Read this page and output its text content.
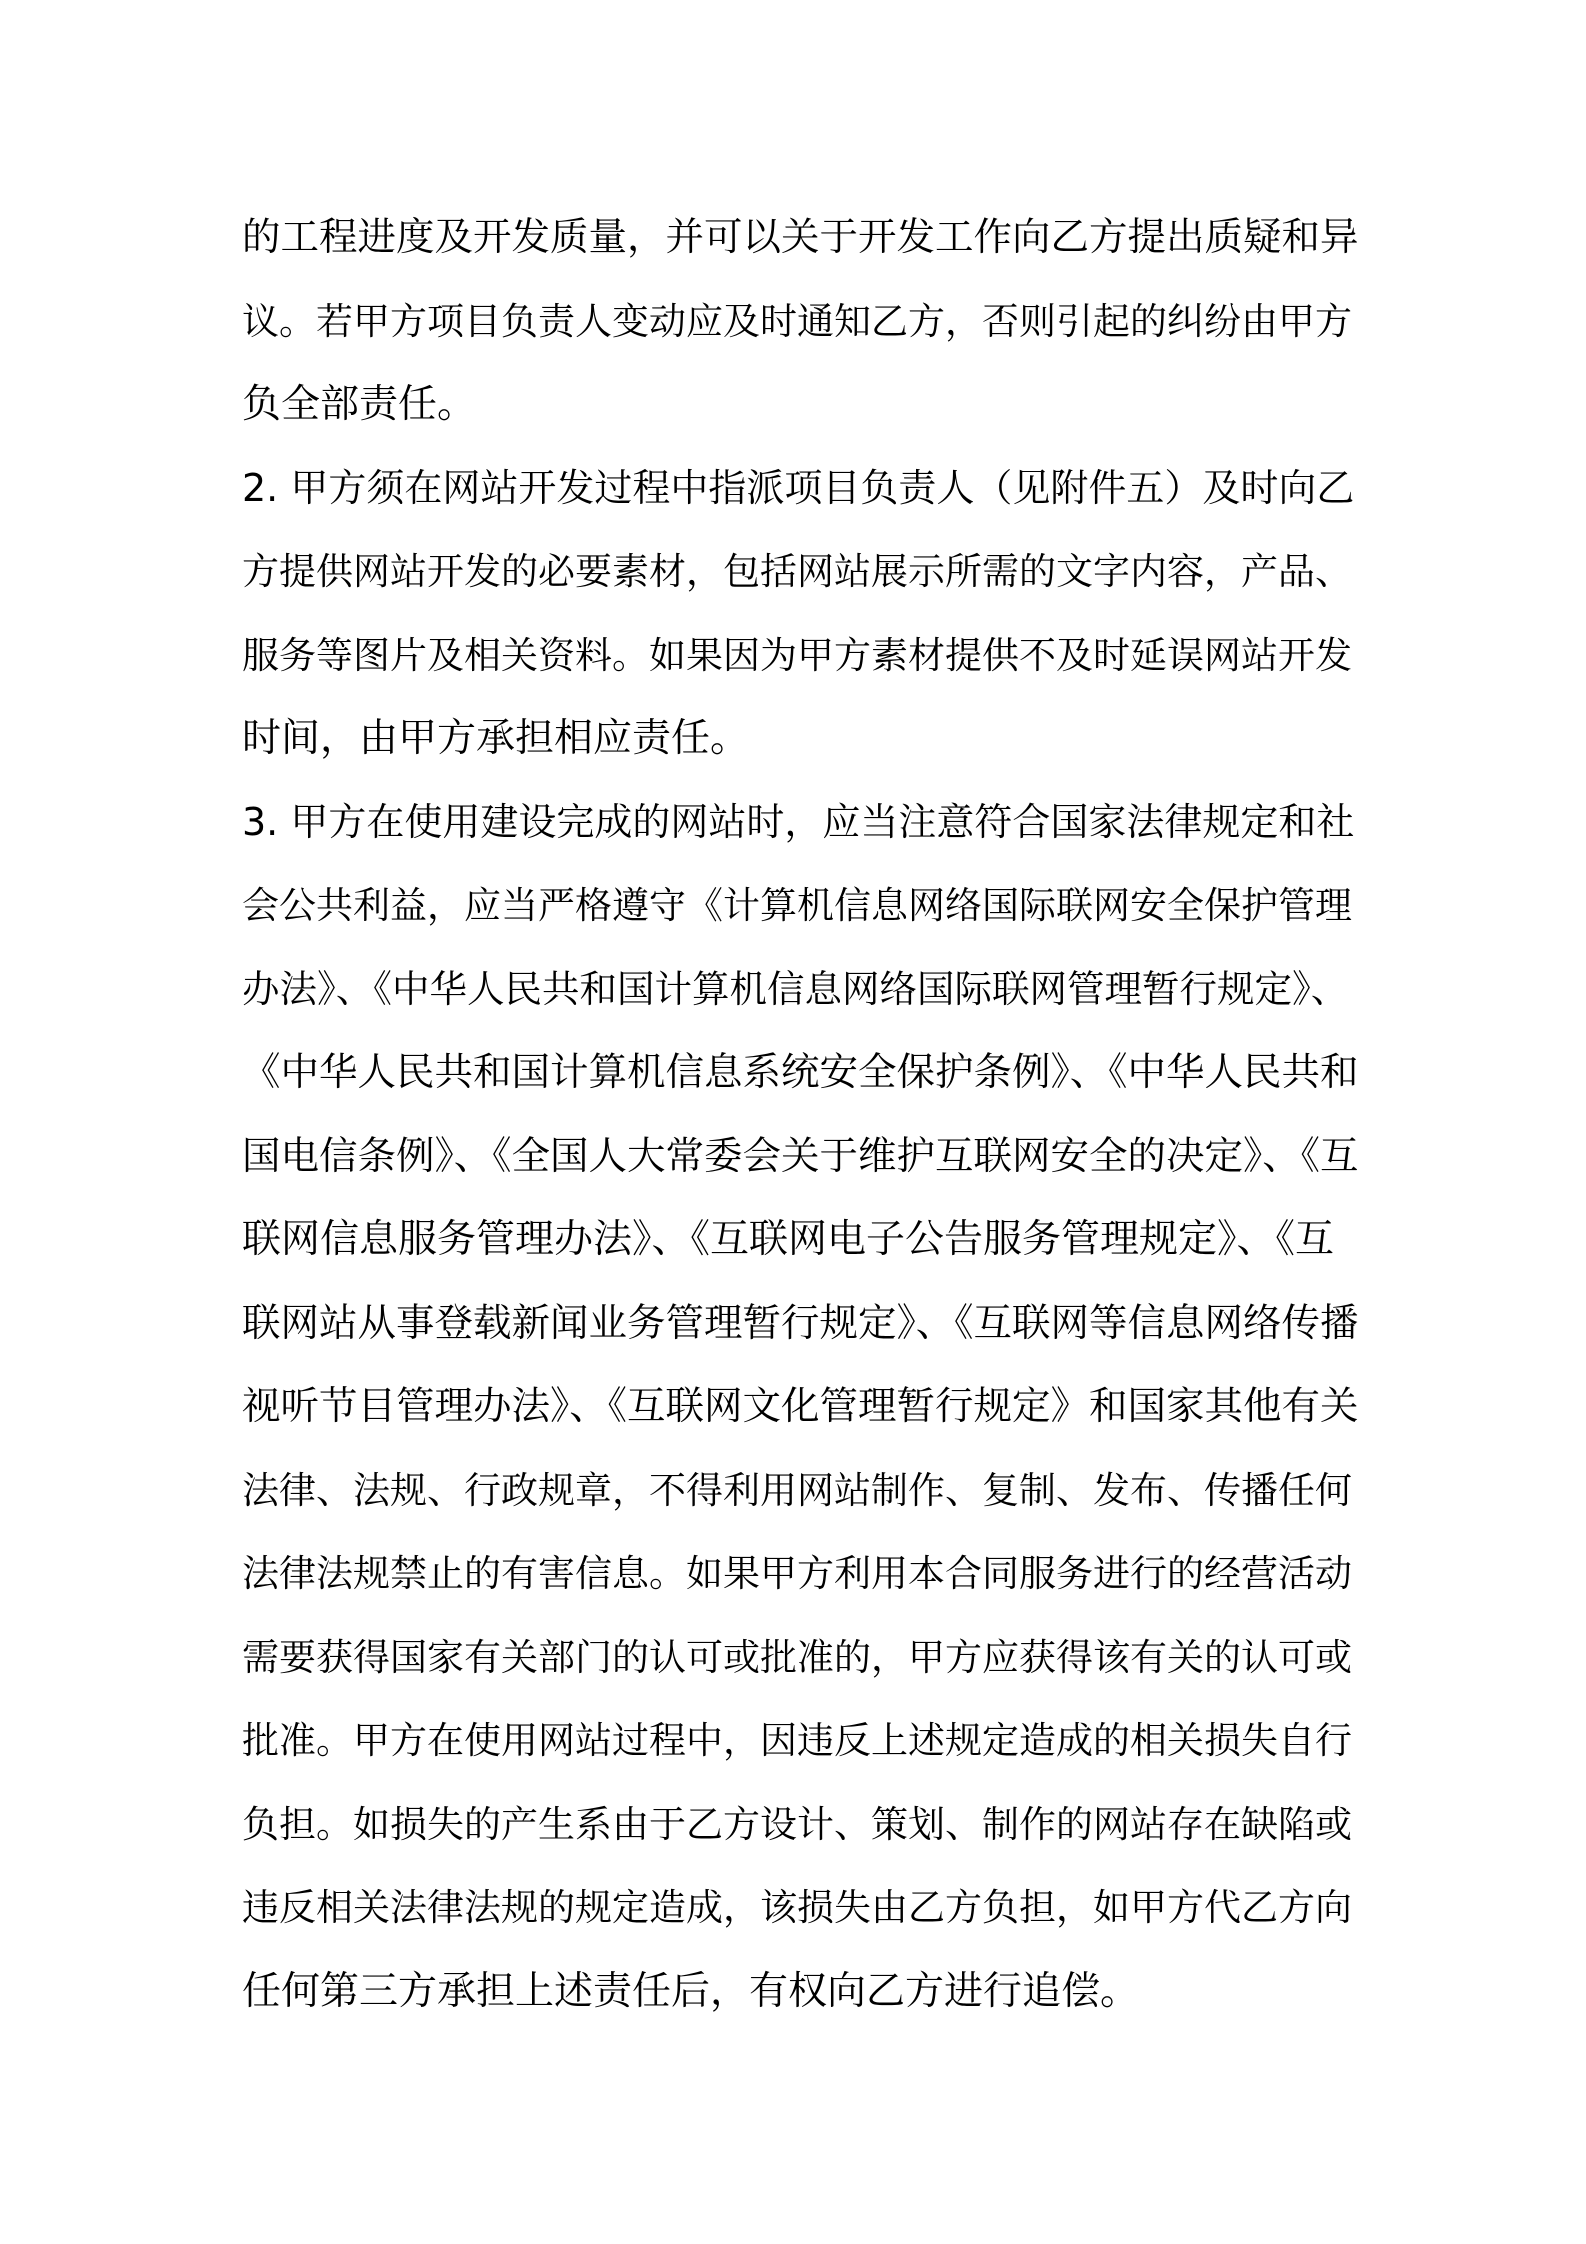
的工程进度及开发质量，并可以关于开发工作向乙方提出质疑和异
议。若甲方项目负责人变动应及时通知乙方，否则引起的纠纷由甲方
负全部责任。
2. 甲方须在网站开发过程中指派项目负责人（见附件五）及时向乙
方提供网站开发的必要素材，包括网站展示所需的文字内容，产品、
服务等图片及相关资料。如果因为甲方素材提供不及时延误网站开发
时间，由甲方承担相应责任。
3. 甲方在使用建设完成的网站时，应当注意符合国家法律规定和社
会公共利益，应当严格遵守《计算机信息网络国际联网安全保护管理
办法》、《中华人民共和国计算机信息网络国际联网管理暂行规定》、
《中华人民共和国计算机信息系统安全保护条例》、《中华人民共和
国电信条例》、《全国人大常委会关于维护互联网安全的决定》、《互
联网信息服务管理办法》、《互联网电子公告服务管理规定》、《互
联网站从事登载新闻业务管理暂行规定》、《互联网等信息网络传播
视听节目管理办法》、《互联网文化管理暂行规定》和国家其他有关
法律、法规、行政规章，不得利用网站制作、复制、发布、传播任何
法律法规禁止的有害信息。如果甲方利用本合同服务进行的经营活动
需要获得国家有关部门的认可或批准的，甲方应获得该有关的认可或
批准。甲方在使用网站过程中，因违反上述规定造成的相关损失自行
负担。如损失的产生系由于乙方设计、策划、制作的网站存在缺陷或
违反相关法律法规的规定造成，该损失由乙方负担，如甲方代乙方向
任何第三方承担上述责任后，有权向乙方进行追偿。
